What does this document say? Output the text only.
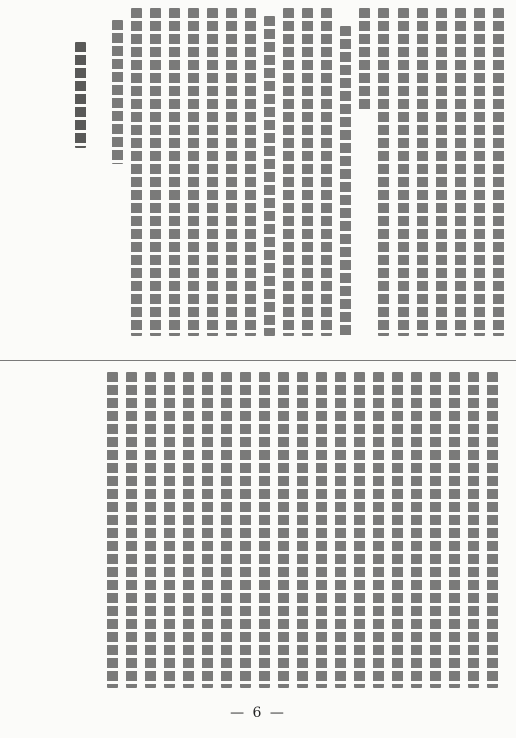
— 6 —
